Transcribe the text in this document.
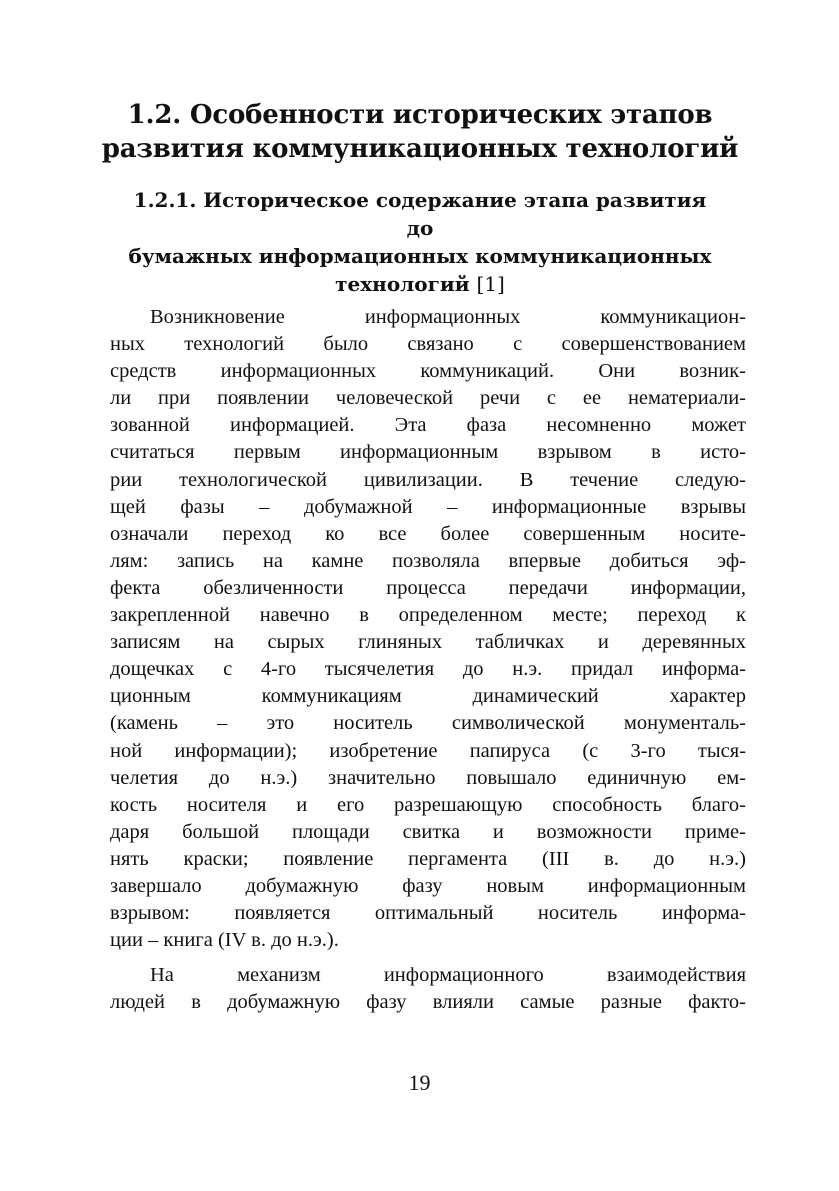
1.2. Особенности исторических этапов
развития коммуникационных технологий
1.2.1. Историческое содержание этапа развития до
бумажных информационных коммуникационных
технологий [1]
Возникновение информационных коммуникацион-
ных технологий было связано с совершенствованием
средств информационных коммуникаций. Они возник-
ли при появлении человеческой речи с ее нематериали-
зованной информацией. Эта фаза несомненно может
считаться первым информационным взрывом в исто-
рии технологической цивилизации. В течение следую-
щей фазы – добумажной – информационные взрывы
означали переход ко все более совершенным носите-
лям: запись на камне позволяла впервые добиться эф-
фекта обезличенности процесса передачи информации,
закрепленной навечно в определенном месте; переход к
записям на сырых глиняных табличках и деревянных
дощечках с 4-го тысячелетия до н.э. придал информа-
ционным коммуникациям динамический характер
(камень – это носитель символической монументаль-
ной информации); изобретение папируса (с 3-го тыся-
челетия до н.э.) значительно повышало единичную ем-
кость носителя и его разрешающую способность благо-
даря большой площади свитка и возможности приме-
нять краски; появление пергамента (III в. до н.э.)
завершало добумажную фазу новым информационным
взрывом: появляется оптимальный носитель информа-
ции – книга (IV в. до н.э.).
На механизм информационного взаимодействия
людей в добумажную фазу влияли самые разные факто-
19
